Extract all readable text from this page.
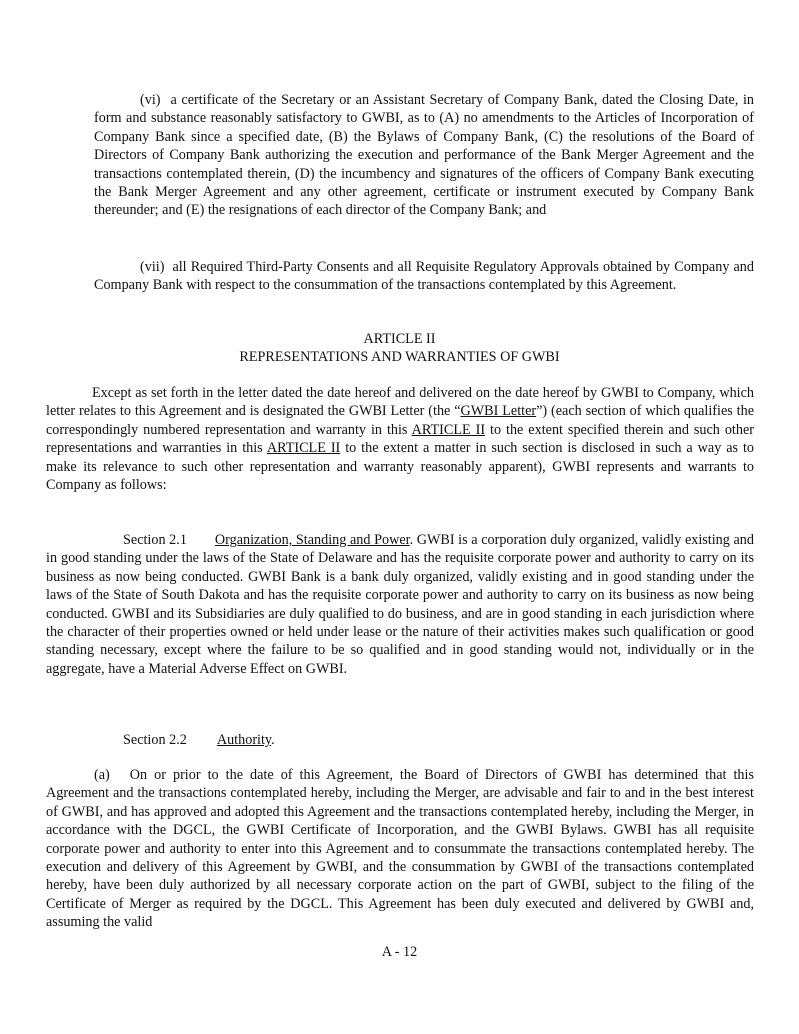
(vi) a certificate of the Secretary or an Assistant Secretary of Company Bank, dated the Closing Date, in form and substance reasonably satisfactory to GWBI, as to (A) no amendments to the Articles of Incorporation of Company Bank since a specified date, (B) the Bylaws of Company Bank, (C) the resolutions of the Board of Directors of Company Bank authorizing the execution and performance of the Bank Merger Agreement and the transactions contemplated therein, (D) the incumbency and signatures of the officers of Company Bank executing the Bank Merger Agreement and any other agreement, certificate or instrument executed by Company Bank thereunder; and (E) the resignations of each director of the Company Bank; and

(vii) all Required Third-Party Consents and all Requisite Regulatory Approvals obtained by Company and Company Bank with respect to the consummation of the transactions contemplated by this Agreement.

ARTICLE II

REPRESENTATIONS AND WARRANTIES OF GWBI

Except as set forth in the letter dated the date hereof and delivered on the date hereof by GWBI to Company, which letter relates to this Agreement and is designated the GWBI Letter (the “GWBI Letter”) (each section of which qualifies the correspondingly numbered representation and warranty in this ARTICLE II to the extent specified therein and such other representations and warranties in this ARTICLE II to the extent a matter in such section is disclosed in such a way as to make its relevance to such other representation and warranty reasonably apparent), GWBI represents and warrants to Company as follows:

Section 2.1 Organization, Standing and Power. GWBI is a corporation duly organized, validly existing and in good standing under the laws of the State of Delaware and has the requisite corporate power and authority to carry on its business as now being conducted. GWBI Bank is a bank duly organized, validly existing and in good standing under the laws of the State of South Dakota and has the requisite corporate power and authority to carry on its business as now being conducted. GWBI and its Subsidiaries are duly qualified to do business, and are in good standing in each jurisdiction where the character of their properties owned or held under lease or the nature of their activities makes such qualification or good standing necessary, except where the failure to be so qualified and in good standing would not, individually or in the aggregate, have a Material Adverse Effect on GWBI.

Section 2.2 Authority.

(a) On or prior to the date of this Agreement, the Board of Directors of GWBI has determined that this Agreement and the transactions contemplated hereby, including the Merger, are advisable and fair to and in the best interest of GWBI, and has approved and adopted this Agreement and the transactions contemplated hereby, including the Merger, in accordance with the DGCL, the GWBI Certificate of Incorporation, and the GWBI Bylaws. GWBI has all requisite corporate power and authority to enter into this Agreement and to consummate the transactions contemplated hereby. The execution and delivery of this Agreement by GWBI, and the consummation by GWBI of the transactions contemplated hereby, have been duly authorized by all necessary corporate action on the part of GWBI, subject to the filing of the Certificate of Merger as required by the DGCL. This Agreement has been duly executed and delivered by GWBI and, assuming the valid

A - 12
